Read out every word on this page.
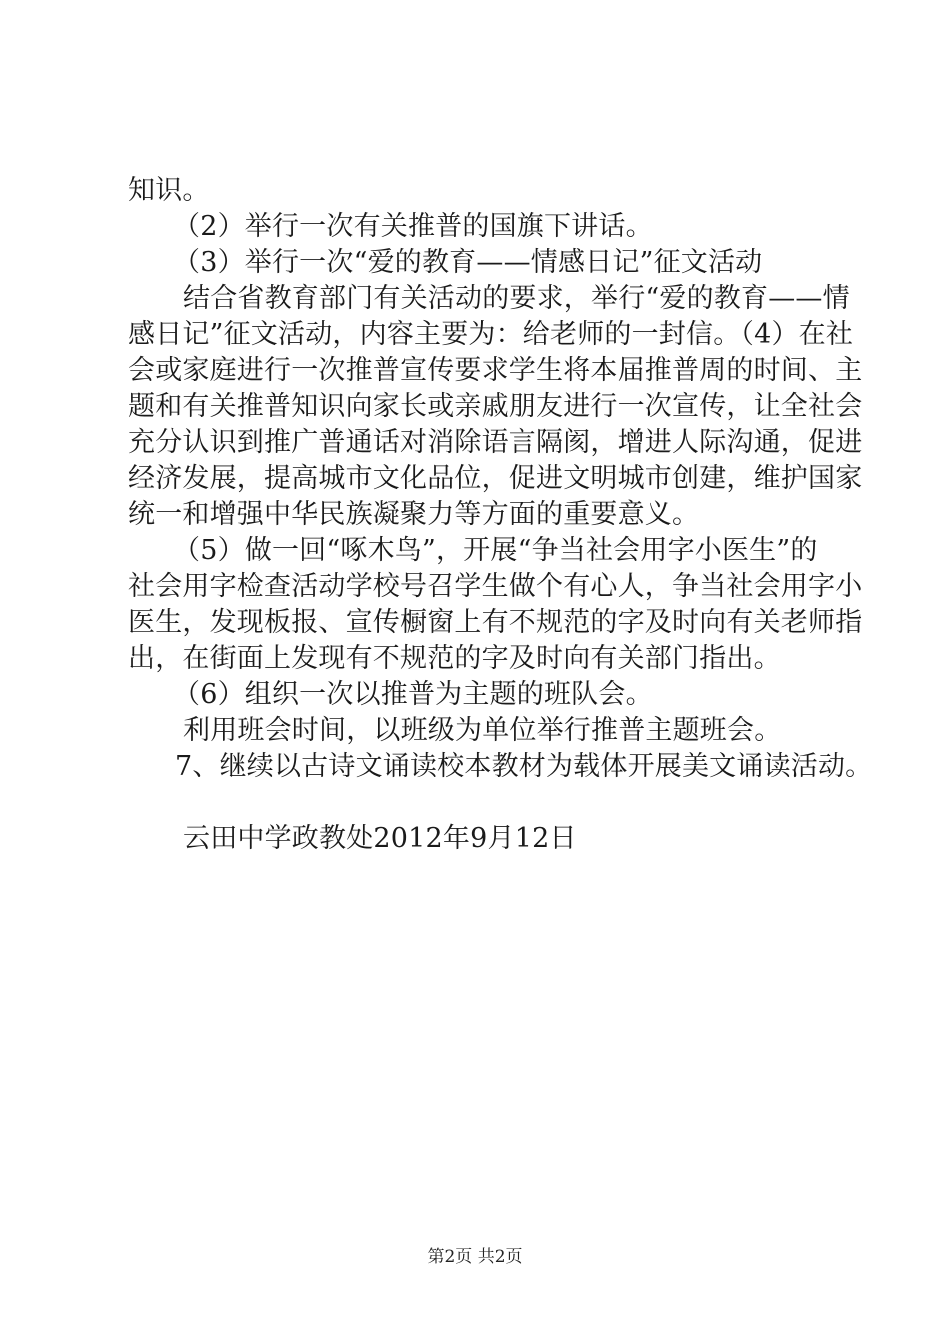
知识。
（2）举行一次有关推普的国旗下讲话。
（3）举行一次“爱的教育——情感日记”征文活动
结合省教育部门有关活动的要求，举行“爱的教育——情
感日记”征文活动，内容主要为：给老师的一封信。（4）在社
会或家庭进行一次推普宣传要求学生将本届推普周的时间、主
题和有关推普知识向家长或亲戚朋友进行一次宣传，让全社会
充分认识到推广普通话对消除语言隔阂，增进人际沟通，促进
经济发展，提高城市文化品位，促进文明城市创建，维护国家
统一和增强中华民族凝聚力等方面的重要意义。
（5）做一回“啄木鸟”，开展“争当社会用字小医生”的
社会用字检查活动学校号召学生做个有心人，争当社会用字小
医生，发现板报、宣传橱窗上有不规范的字及时向有关老师指
出，在街面上发现有不规范的字及时向有关部门指出。
（6）组织一次以推普为主题的班队会。
利用班会时间，以班级为单位举行推普主题班会。
7、继续以古诗文诵读校本教材为载体开展美文诵读活动。
云田中学政教处2012年9月12日
第2页 共2页
